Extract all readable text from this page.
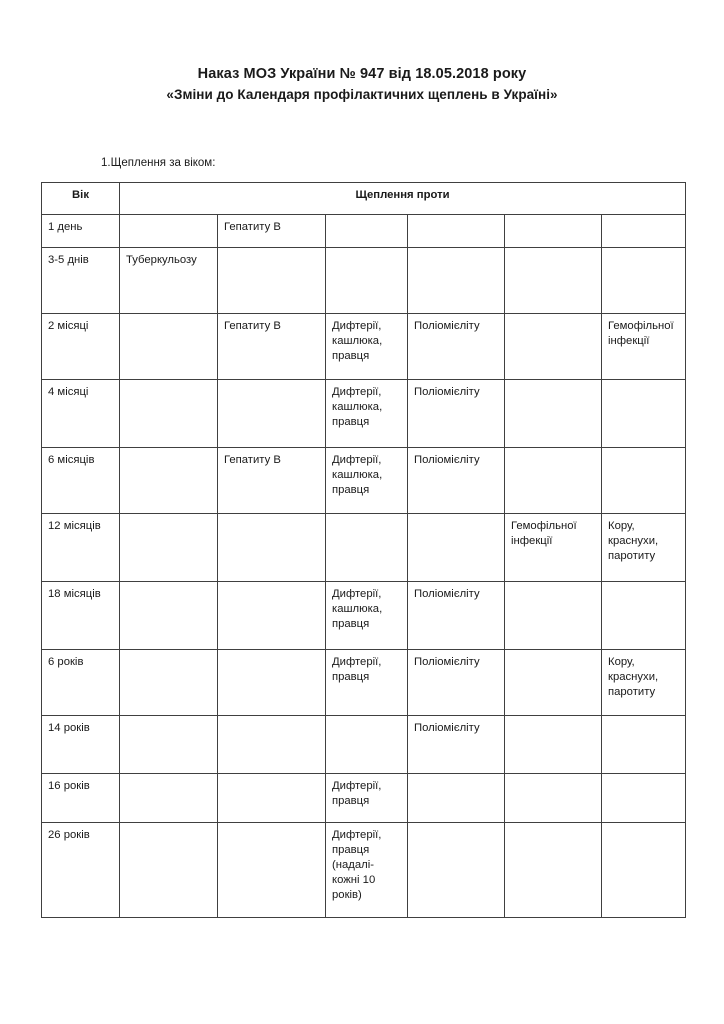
Наказ МОЗ України № 947 від 18.05.2018 року
«Зміни до Календаря профілактичних щеплень в Україні»
1.Щеплення за віком:
Вік	Щеплення проти					
1 день		Гепатиту В				
3-5 днів	Туберкульозу					
2 місяці		Гепатиту В	Дифтерії, кашлюка, правця	Поліомієліту		Гемофільної інфекції
4 місяці			Дифтерії, кашлюка, правця	Поліомієліту		
6 місяців		Гепатиту В	Дифтерії, кашлюка, правця	Поліомієліту		
12 місяців					Гемофільної інфекції	Кору, краснухи, паротиту
18 місяців			Дифтерії, кашлюка, правця	Поліомієліту		
6 років			Дифтерії, правця	Поліомієліту		Кору, краснухи, паротиту
14 років				Поліомієліту		
16 років			Дифтерії, правця			
26 років			Дифтерії,
правця
(надалі-
кожні 10
років)			
